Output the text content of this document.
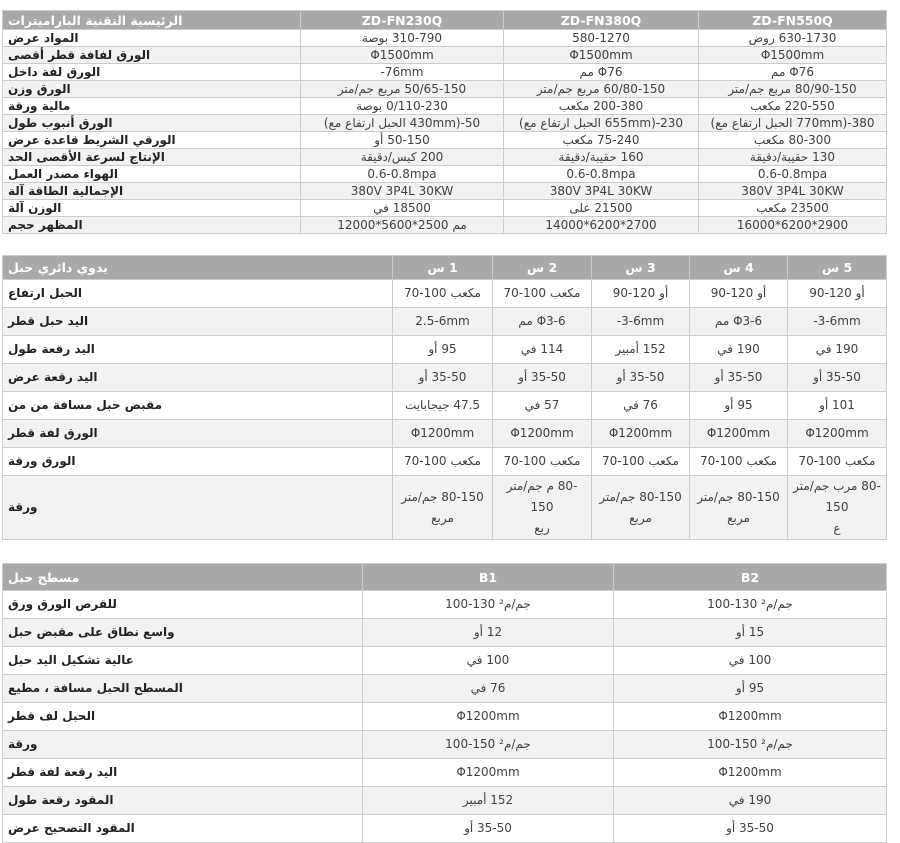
‎الباراميترات‎ ‎التقنية‎ ‎الرئيسية‎	‎ZD-FN230Q‎	‎ZD-FN380Q‎	‎ZD-FN550Q‎
‎عرض‎ ‎المواد‎	‎بوصة‎ ‎310-790‎	‎580-1270‎	‎روض‎ ‎630-1730‎
‎أقصى‎ ‎قطر‎ ‎لفافة‎ ‎الورق‎	‎Φ1500mm‎	‎Φ1500mm‎	‎Φ1500mm‎
‎داخل‎ ‎لفة‎ ‎الورق‎	‎-76mm‎	‎مم‎ ‎Φ76‎	‎مم‎ ‎Φ76‎
‎وزن‎ ‎الورق‎	‎جم/متر‎ ‎مربع‎ ‎50/65-150‎	‎جم/متر‎ ‎مربع‎ ‎60/80-150‎	‎جم/متر‎ ‎مربع‎ ‎80/90-150‎
‎ورقة‎ ‎مالية‎	‎بوصة‎ ‎0/110-230‎	‎مكعب‎ ‎200-380‎	‎مكعب‎ ‎220-550‎
‎طول‎ ‎أنبوب‎ ‎الورق‎	‎(مع‎ ‎ارتفاع‎ ‎الحبل‎ ‎430mm)-50‎	‎(مع‎ ‎ارتفاع‎ ‎الحبل‎ ‎655mm)-230‎	‎(مع‎ ‎ارتفاع‎ ‎الحبل‎ ‎770mm)-380‎
‎عرض‎ ‎قاعدة‎ ‎الشريط‎ ‎الورقي‎	‎أو‎ ‎50-150‎	‎مكعب‎ ‎75-240‎	‎مكعب‎ ‎80-300‎
‎الحد‎ ‎الأقصى‎ ‎لسرعة‎ ‎الإنتاج‎	‎كيس/دقيقة‎ ‎200‎	‎حقيبة/دقيقة‎ ‎160‎	‎حقيبة/دقيقة‎ ‎130‎
‎العمل‎ ‎مصدر‎ ‎الهواء‎	‎0.6-0.8mpa‎	‎0.6-0.8mpa‎	‎0.6-0.8mpa‎
‎آلة‎ ‎الطاقة‎ ‎الإجمالية‎	‎380V‎ ‎3P4L‎ ‎30KW‎	‎380V‎ ‎3P4L‎ ‎30KW‎	‎380V‎ ‎3P4L‎ ‎30KW‎
‎آلة‎ ‎الوزن‎	‎في‎ ‎18500‎	‎على‎ ‎21500‎	‎مكعب‎ ‎23500‎
‎حجم‎ ‎المظهر‎	‎12000*5600*2500‎ ‎مم‎	‎14000*6200*2700‎	‎16000*6200*2900‎
‎حبل‎ ‎دائري‎ ‎يدوي‎	‎س‎ ‎1‎	‎س‎ ‎2‎	‎س‎ ‎3‎	‎س‎ ‎4‎	‎س‎ ‎5‎
‎ارتفاع‎ ‎الحبل‎	‎70-100‎ ‎مكعب‎	‎70-100‎ ‎مكعب‎	‎90-120‎ ‎أو‎	‎90-120‎ ‎أو‎	‎90-120‎ ‎أو‎
‎قطر‎ ‎حبل‎ ‎اليد‎	‎2.5-6mm‎	‎مم‎ ‎Φ3-6‎	‎-3-6mm‎	‎مم‎ ‎Φ3-6‎	‎-3-6mm‎
‎طول‎ ‎رقعة‎ ‎اليد‎	‎أو‎ ‎95‎	‎في‎ ‎114‎	‎أمبير‎ ‎152‎	‎في‎ ‎190‎	‎في‎ ‎190‎
‎عرض‎ ‎رقعة‎ ‎اليد‎	‎أو‎ ‎35-50‎	‎أو‎ ‎35-50‎	‎أو‎ ‎35-50‎	‎أو‎ ‎35-50‎	‎أو‎ ‎35-50‎
‎من‎ ‎من‎ ‎مسافة‎ ‎حبل‎ ‎مقبض‎	‎جيجابايت‎ ‎47.5‎	‎في‎ ‎57‎	‎في‎ ‎76‎	‎أو‎ ‎95‎	‎أو‎ ‎101‎
‎قطر‎ ‎لفة‎ ‎الورق‎	‎Φ1200mm‎	‎Φ1200mm‎	‎Φ1200mm‎	‎Φ1200mm‎	‎Φ1200mm‎
‎ورقة‎ ‎الورق‎	‎70-100‎ ‎مكعب‎	‎70-100‎ ‎مكعب‎	‎70-100‎ ‎مكعب‎	‎70-100‎ ‎مكعب‎	‎70-100‎ ‎مكعب‎
‎ورقة‎	‎جم/متر‎ ‎80-150‎
‎مربع‎	‎جم/متر‎ ‎م‎ ‎80-150‎
‎ربع‎	‎جم/متر‎ ‎80-150‎
‎مربع‎	‎جم/متر‎ ‎80-150‎
‎مربع‎	‎جم/متر‎ ‎مرب‎ ‎80-150‎
‎ع‎
‎حبل‎ ‎مسطح‎	‎B1‎	‎B2‎
‎ورق‎ ‎الورق‎ ‎للقرص‎	‎100-130‎ ‎²جم/م‎	‎100-130‎ ‎²جم/م‎
‎حبل‎ ‎مقبض‎ ‎على‎ ‎نطاق‎ ‎واسع‎	‎أو‎ ‎12‎	‎أو‎ ‎15‎
‎حبل‎ ‎اليد‎ ‎تشكيل‎ ‎عالية‎	‎في‎ ‎100‎	‎في‎ ‎100‎
‎مطيع‎ ‎،‎ ‎مسافة‎ ‎الحبل‎ ‎المسطح‎	‎في‎ ‎76‎	‎أو‎ ‎95‎
‎قطر‎ ‎لف‎ ‎الحبل‎	‎Φ1200mm‎	‎Φ1200mm‎
‎ورقة‎	‎100-150‎ ‎²جم/م‎	‎100-150‎ ‎²جم/م‎
‎قطر‎ ‎لفة‎ ‎رقعة‎ ‎اليد‎	‎Φ1200mm‎	‎Φ1200mm‎
‎طول‎ ‎رقعة‎ ‎المقود‎	‎أمبير‎ ‎152‎	‎في‎ ‎190‎
‎عرض‎ ‎التصحيح‎ ‎المقود‎	‎أو‎ ‎35-50‎	‎أو‎ ‎35-50‎
